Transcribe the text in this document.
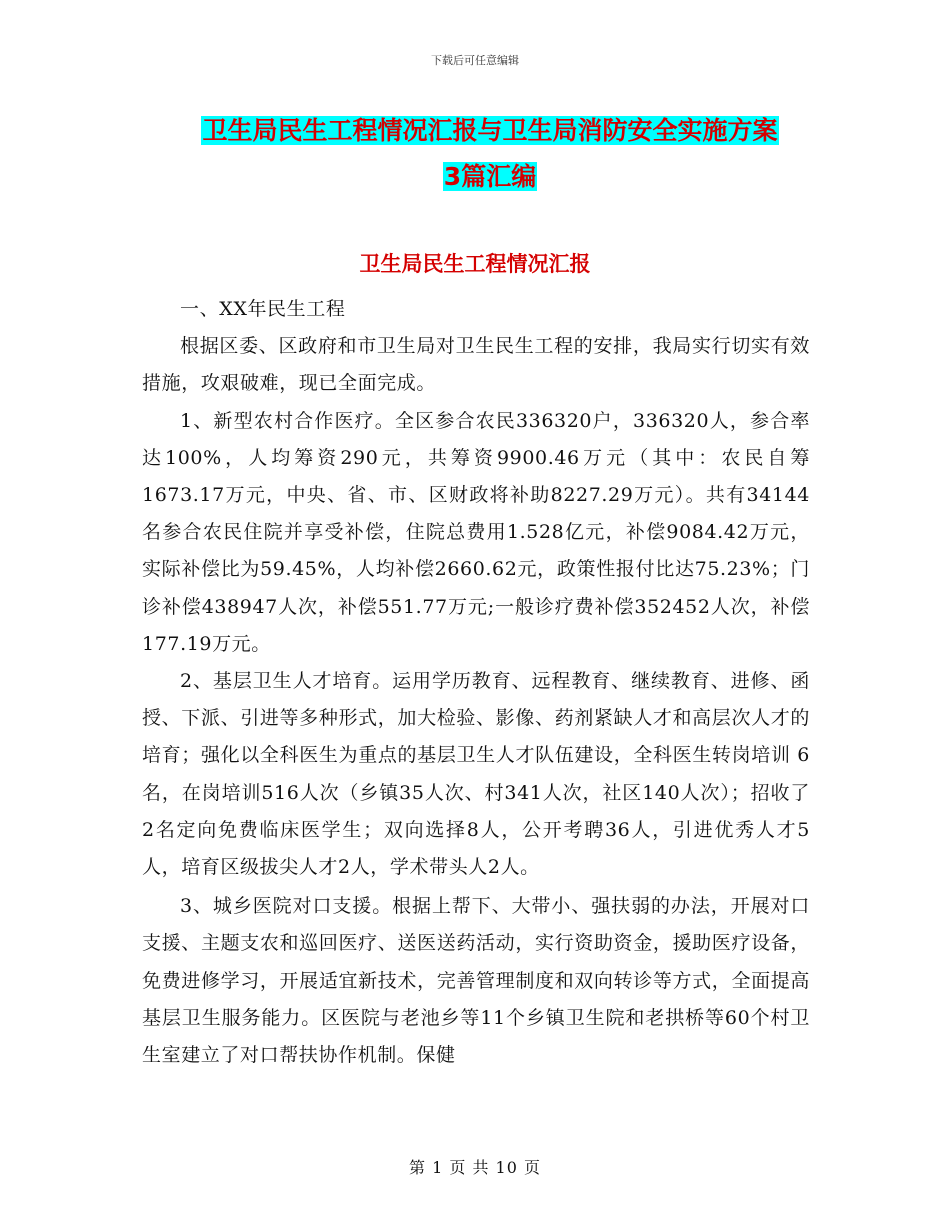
下载后可任意编辑
卫生局民生工程情况汇报与卫生局消防安全实施方案
3篇汇编
卫生局民生工程情况汇报

一、XX年民生工程

根据区委、区政府和市卫生局对卫生民生工程的安排，我局实行切实有效措施，攻艰破难，现已全面完成。

1、新型农村合作医疗。全区参合农民336320户，336320人，参合率达100%，人均筹资290元，共筹资9900.46万元（其中：农民自筹1673.17万元，中央、省、市、区财政将补助8227.29万元）。共有34144名参合农民住院并享受补偿，住院总费用1.528亿元，补偿9084.42万元，实际补偿比为59.45%，人均补偿2660.62元，政策性报付比达75.23%；门诊补偿438947人次，补偿551.77万元;一般诊疗费补偿352452人次，补偿177.19万元。

2、基层卫生人才培育。运用学历教育、远程教育、继续教育、进修、函授、下派、引进等多种形式，加大检验、影像、药剂紧缺人才和高层次人才的培育；强化以全科医生为重点的基层卫生人才队伍建设，全科医生转岗培训 6名，在岗培训516人次（乡镇35人次、村341人次，社区140人次）；招收了2名定向免费临床医学生；双向选择8人，公开考聘36人，引进优秀人才5人，培育区级拔尖人才2人，学术带头人2人。

3、城乡医院对口支援。根据上帮下、大带小、强扶弱的办法，开展对口支援、主题支农和巡回医疗、送医送药活动，实行资助资金，援助医疗设备，免费进修学习，开展适宜新技术，完善管理制度和双向转诊等方式，全面提高基层卫生服务能力。区医院与老池乡等11个乡镇卫生院和老拱桥等60个村卫生室建立了对口帮扶协作机制。保健

第 1 页 共 10 页
